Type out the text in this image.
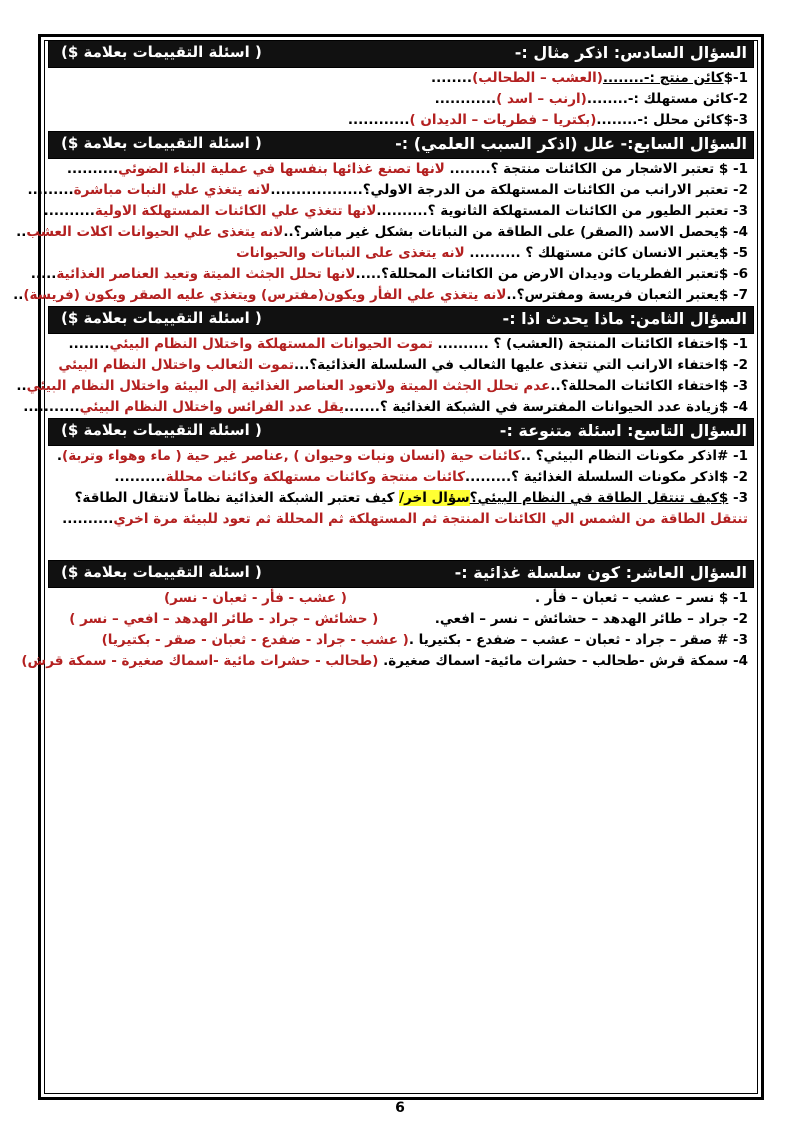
السؤال السادس: اذكر مثال :-
( اسئلة التقييمات بعلامة $)
1-$كائن منتج :-........(العشب – الطحالب)........
2-كائن مستهلك :-........(ارنب – اسد )............
3-$كائن محلل :-........(بكتريا – فطريات – الديدان )............
السؤال السابع:- علل (اذكر السبب العلمي) :-
( اسئلة التقييمات بعلامة $)
1- $ تعتبر الاشجار من الكائنات منتجة ؟........ لانها تصنع غذائها بنفسها في عملية البناء الضوئي..........
2- تعتبر الارانب من الكائنات المستهلكة من الدرجة الاولي؟..................لانه يتغذي علي النبات مباشرة.........
3- تعتبر الطيور من الكائنات المستهلكة الثانوية ؟..........لانها تتغذي علي الكائنات المستهلكة الاولية..........
4- $يحصل الاسد (الصقر) على الطاقة من النباتات بشكل غير مباشر؟..لانه يتغذى علي الحيوانات اكلات العشب..
5- $يعتبر الانسان كائن مستهلك ؟ .......... لانه يتغذى على النباتات والحيوانات
6- $تعتبر الفطريات وديدان الارض من الكائنات المحللة؟.....لانها تحلل الجثث الميتة وتعيد العناصر الغذائية.....
7- $يعتبر الثعبان فريسة ومفترس؟..لانه يتغذي علي الفأر ويكون(مفترس) ويتغذي عليه الصقر ويكون (فريسة)..
السؤال الثامن: ماذا يحدث اذا :-
( اسئلة التقييمات بعلامة $)
1- $اختفاء الكائنات المنتجة (العشب) ؟ .......... تموت الحيوانات المستهلكة واختلال النظام البيئي........
2- $اختفاء الارانب التي تتغذى عليها الثعالب في السلسلة الغذائية؟...تموت الثعالب واختلال النظام البيئي
3- $اختفاء الكائنات المحللة؟..عدم تحلل الجثث الميتة ولاتعود العناصر الغذائية إلى البيئة واختلال النظام البيئي..
4- $زيادة عدد الحيوانات المفترسة في الشبكة الغذائية ؟.......يقل عدد الفرائس واختلال النظام البيئي...........
السؤال التاسع: اسئلة متنوعة :-
( اسئلة التقييمات بعلامة $)
1- #اذكر مكونات النظام البيئي؟ ..كائنات حية (انسان ونبات وحيوان ) ,عناصر غير حية ( ماء وهواء وتربة).
2- $اذكر مكونات السلسلة الغذائية ؟.........كائنات منتجة وكائنات مستهلكة وكائنات محللة..........
3- $كيف تنتقل الطاقة في النظام البيئي؟سؤال اخر/ كيف تعتبر الشبكة الغذائية نظاماً لانتقال الطاقة؟
تنتقل الطاقة من الشمس الي الكائنات المنتجة ثم المستهلكة ثم المحللة ثم تعود للبيئة مرة اخري..........
السؤال العاشر: كون سلسلة غذائية :-
( اسئلة التقييمات بعلامة $)
1- $ نسر – عشب – ثعبان – فأر .                                        ( عشب - فأر - ثعبان - نسر)
2- جراد – طائر الهدهد – حشائش – نسر – افعي.            ( حشائش – جراد - طائر الهدهد – افعي – نسر )
3- # صقر – جراد - ثعبان – عشب – ضفدع - بكتيريا .( عشب - جراد - ضفدع - ثعبان - صقر - بكتيريا)
4- سمكة قرش -طحالب - حشرات مائية- اسماك صغيرة. (طحالب - حشرات مائية -اسماك صغيرة - سمكة قرش)
6
